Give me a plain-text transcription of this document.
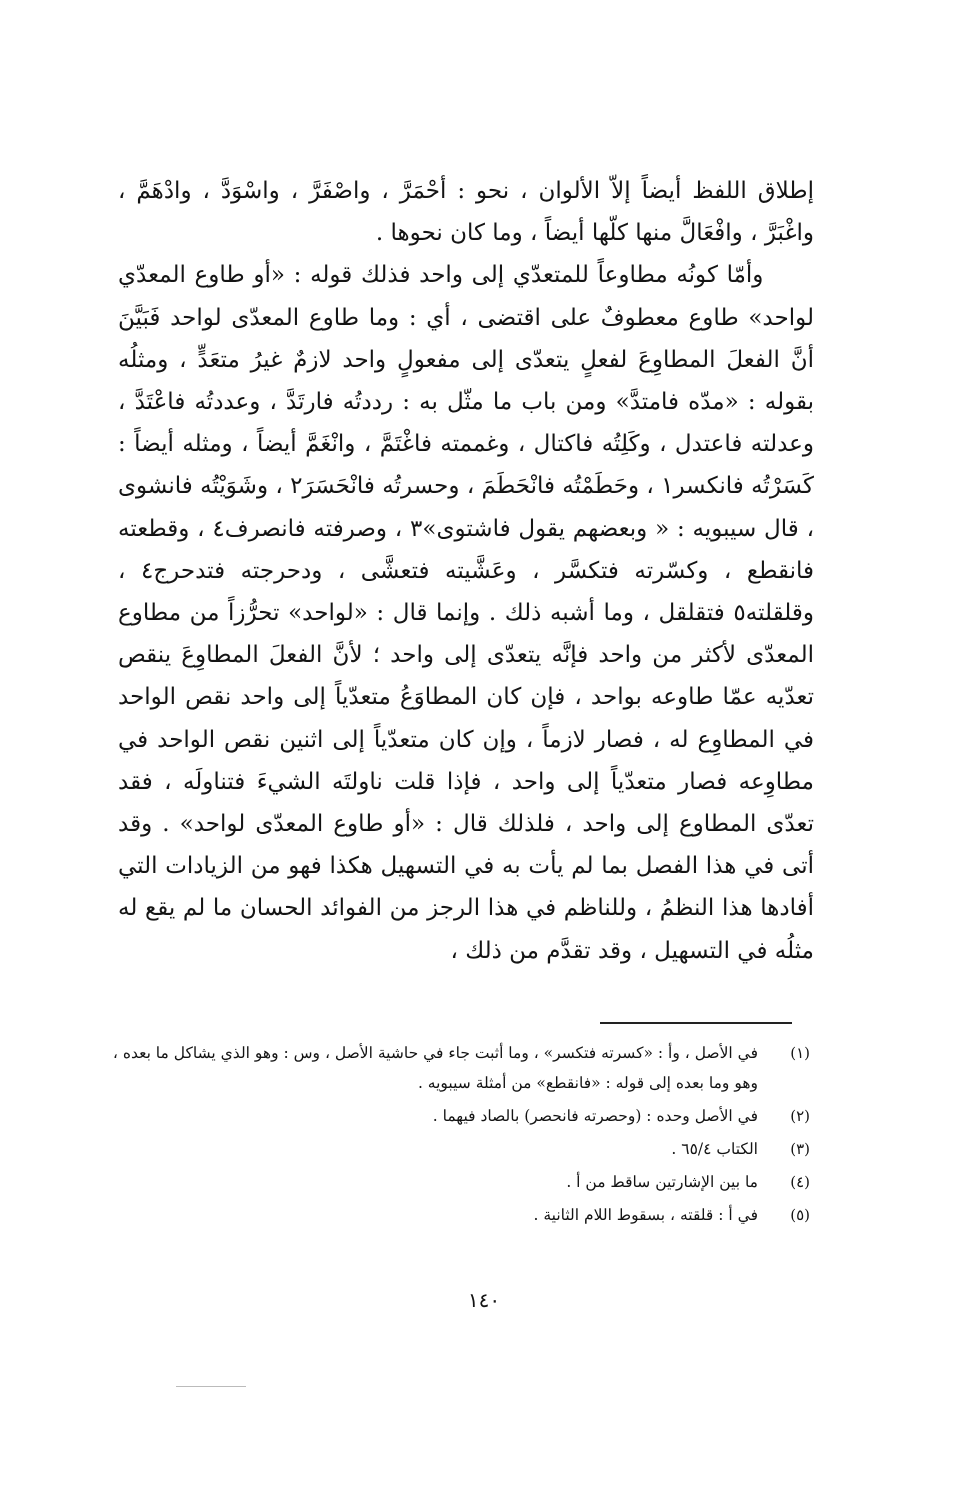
إطلاق اللفظ أيضاً إلاّ الألوان ، نحو : أحْمَرَّ ، واصْفَرَّ ، واسْوَدَّ ، وادْهَمَّ ، واغْبَرَّ ، وافْعَالَّ منها كلّها أيضاً ، وما كان نحوها .

وأمّا كونُه مطاوعاً للمتعدّي إلى واحد فذلك قوله : «أو طاوع المعدّي لواحد» طاوع معطوفٌ على اقتضى ، أي : وما طاوع المعدّى لواحد فَبَيَّنَ أنَّ الفعلَ المطاوِعَ لفعلٍ يتعدّى إلى مفعولٍ واحد لازمٌ غيرُ متعَدٍّ ، ومثلُه بقوله : «مدّه فامتدَّ» ومن باب ما مثّل به : رددتُه فارتَدَّ ، وعددتُه فاعْتَدَّ ، وعدلته فاعتدل ، وكَلِتُه فاكتال ، وغممته فاغْتَمَّ ، وانْغَمَّ أيضاً ، ومثله أيضاً : كَسَرْتُه فانكسر١ ، وحَطَمْتُه فانْحَطَمَ ، وحسرتُه فانْحَسَرَ٢ ، وشَوَيْتُه فانشوى ، قال سيبويه : « وبعضهم يقول فاشتوى»٣ ، وصرفته فانصرف٤ ، وقطعته فانقطع ، وكسّرته فتكسَّر ، وعَشَّيته فتعشَّى ، ودحرجته فتدحرج٤ ، وقلقلته٥ فتقلقل ، وما أشبه ذلك . وإنما قال : «لواحد» تحرُّزاً من مطاوع المعدّى لأكثر من واحد فإنَّه يتعدّى إلى واحد ؛ لأنَّ الفعلَ المطاوِعَ ينقص تعدّيه عمّا طاوعه بواحد ، فإن كان المطاوَعُ متعدّياً إلى واحد نقص الواحد في المطاوِع له ، فصار لازماً ، وإن كان متعدّياً إلى اثنين نقص الواحد في مطاوِعه فصار متعدّياً إلى واحد ، فإذا قلت ناولتَه الشيءَ فتناولَه ، فقد تعدّى المطاوع إلى واحد ، فلذلك قال : «أو طاوع المعدّى لواحد» . وقد أتى في هذا الفصل بما لم يأت به في التسهيل هكذا فهو من الزيادات التي أفادها هذا النظمُ ، وللناظم في هذا الرجز من الفوائد الحسان ما لم يقع له مثلُه في التسهيل ، وقد تقدَّم من ذلك ،

(١)
في الأصل ، وأ : «كسرته فتكسر» ، وما أثبت جاء في حاشية الأصل ، وس : وهو الذي يشاكل ما بعده ، وهو وما بعده إلى قوله : «فانقطع» من أمثلة سيبويه .
(٢)
في الأصل وحده : (وحصرته فانحصر) بالصاد فيهما .
(٣)
الكتاب ٦٥/٤ .
(٤)
ما بين الإشارتين ساقط من أ .
(٥)
في أ : قلقته ، بسقوط اللام الثانية .
١٤٠
